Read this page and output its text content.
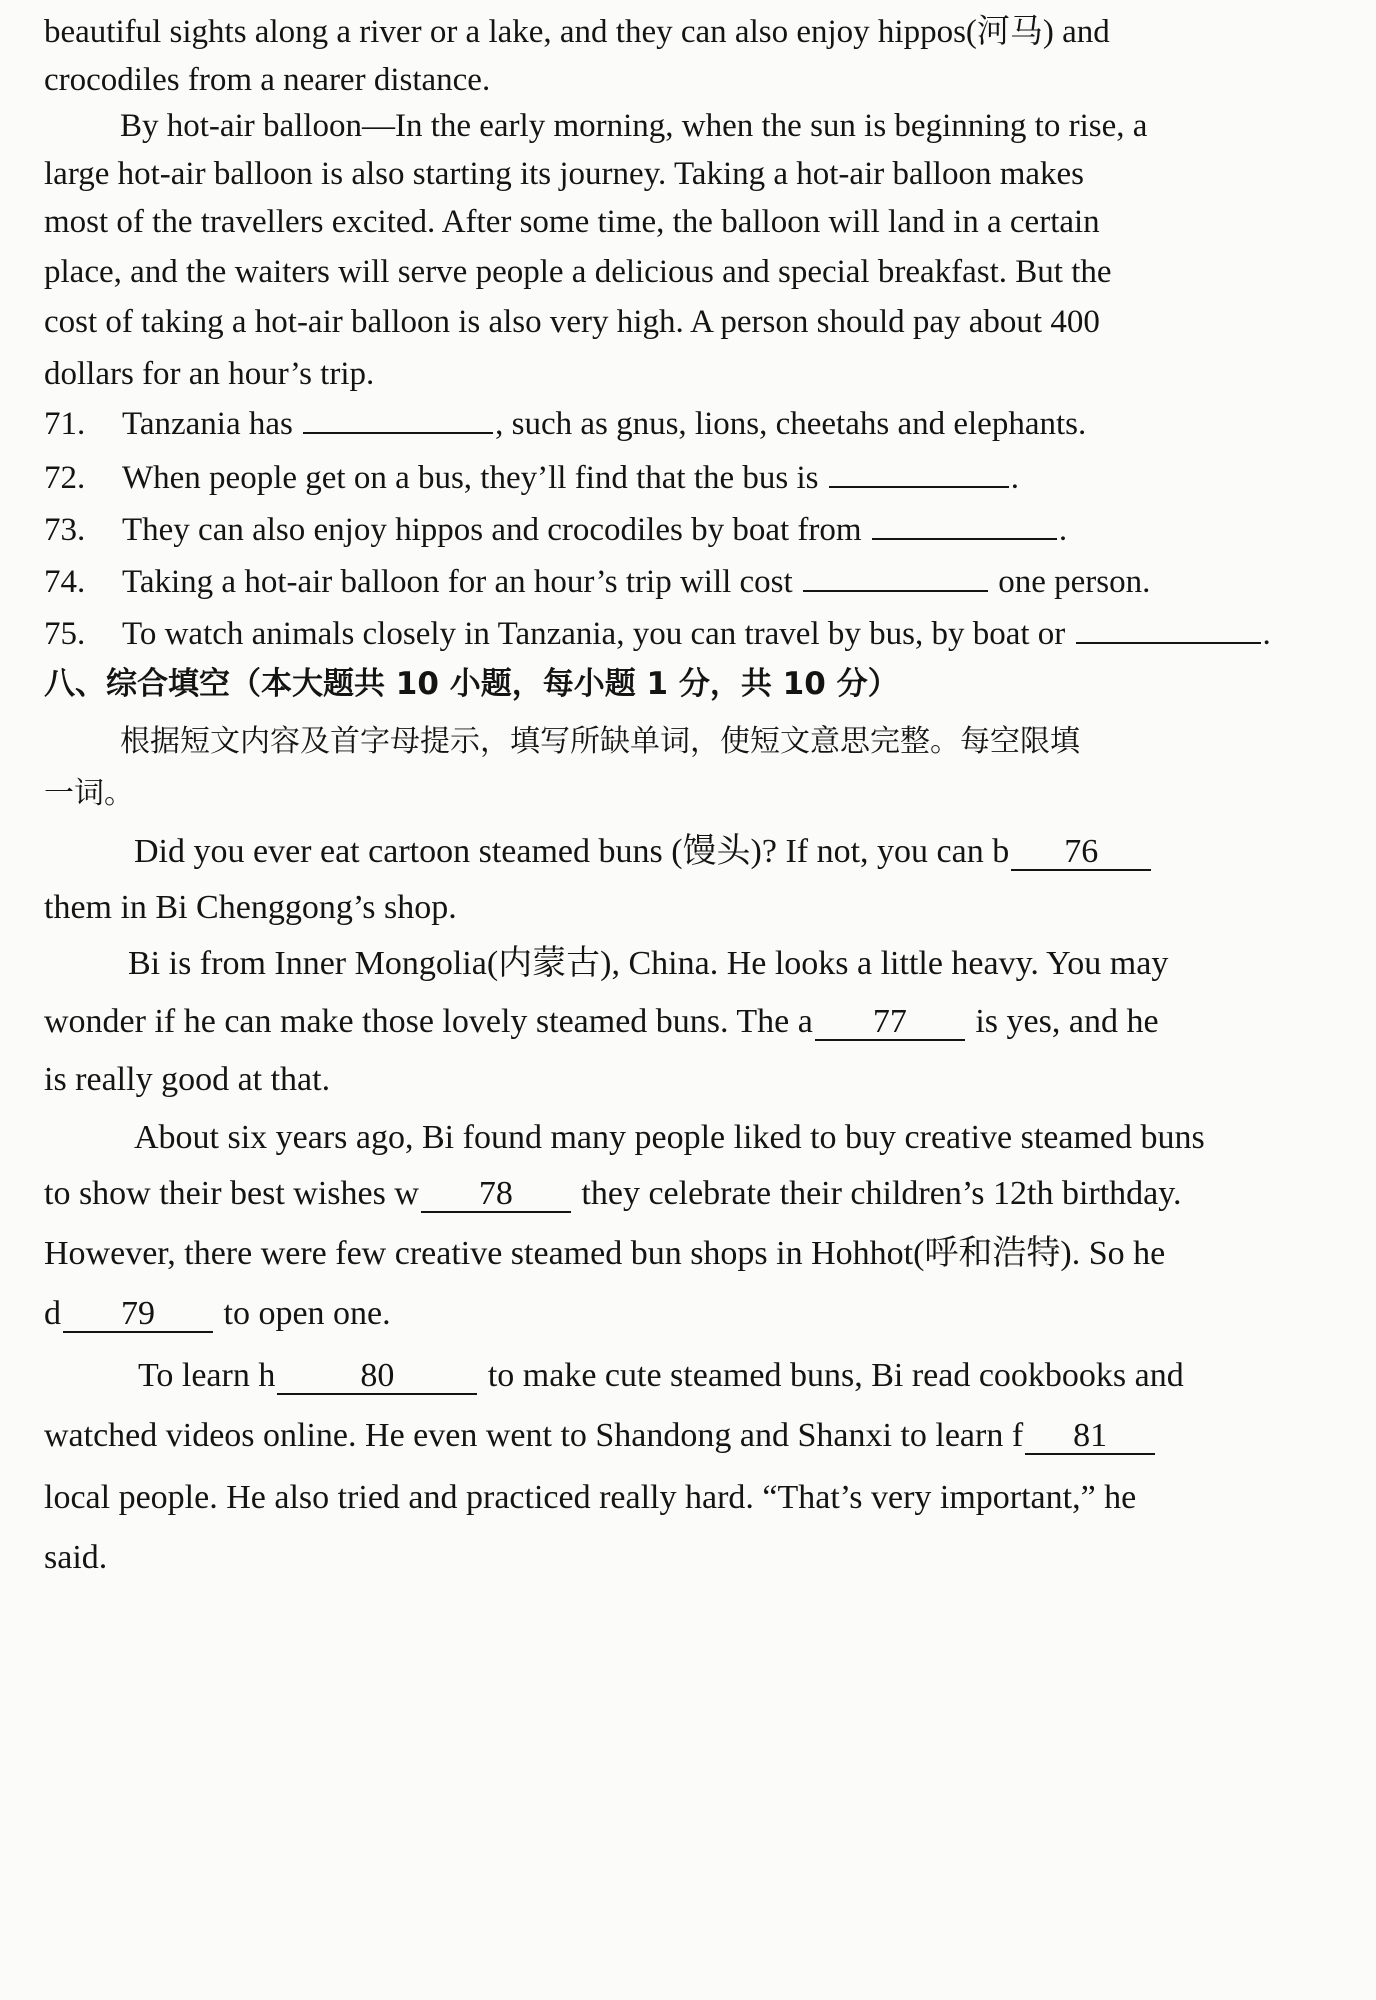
beautiful sights along a river or a lake, and they can also enjoy hippos(河马) and
crocodiles from a nearer distance.
By hot-air balloon—In the early morning, when the sun is beginning to rise, a
large hot-air balloon is also starting its journey. Taking a hot-air balloon makes
most of the travellers excited. After some time, the balloon will land in a certain
place, and the waiters will serve people a delicious and special breakfast. But the
cost of taking a hot-air balloon is also very high. A person should pay about 400
dollars for an hour’s trip.
71. Tanzania has	, such as gnus, lions, cheetahs and elephants.
72. When people get on a bus, they’ll find that the bus is	.
73. They can also enjoy hippos and crocodiles by boat from	.
74. Taking a hot-air balloon for an hour’s trip will cost	one person.
75. To watch animals closely in Tanzania, you can travel by bus, by boat or	.
八、综合填空（本大题共 10 小题，每小题 1 分，共 10 分）
根据短文内容及首字母提示，填写所缺单词，使短文意思完整。每空限填
一词。
Did you ever eat cartoon steamed buns (馒头)? If not, you can b 76
them in Bi Chenggong’s shop.
Bi is from Inner Mongolia(内蒙古), China. He looks a little heavy. You may
wonder if he can make those lovely steamed buns. The a 77 is yes, and he
is really good at that.
About six years ago, Bi found many people liked to buy creative steamed buns
to show their best wishes w 78 they celebrate their children’s 12th birthday.
However, there were few creative steamed bun shops in Hohhot(呼和浩特). So he
d 79 to open one.
To learn h	80	to make cute steamed buns, Bi read cookbooks and
watched videos online. He even went to Shandong and Shanxi to learn f 81
local people. He also tried and practiced really hard. “That’s very important,” he
said.
